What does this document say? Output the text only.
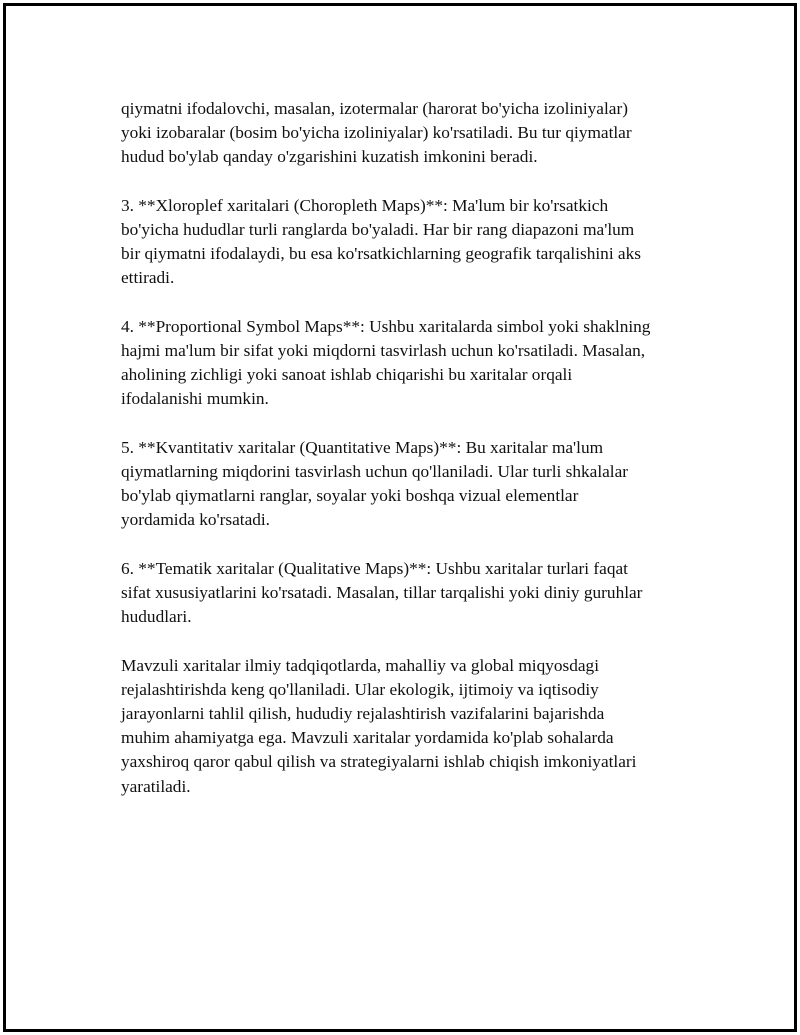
qiymatni ifodalovchi, masalan, izotermalar (harorat bo'yicha izoliniyalar)
yoki izobaralar (bosim bo'yicha izoliniyalar) ko'rsatiladi. Bu tur qiymatlar
hudud bo'ylab qanday o'zgarishini kuzatish imkonini beradi.

3. **Xloroplef xaritalari (Choropleth Maps)**: Ma'lum bir ko'rsatkich
bo'yicha hududlar turli ranglarda bo'yaladi. Har bir rang diapazoni ma'lum
bir qiymatni ifodalaydi, bu esa ko'rsatkichlarning geografik tarqalishini aks
ettiradi.

4. **Proportional Symbol Maps**: Ushbu xaritalarda simbol yoki shaklning
hajmi ma'lum bir sifat yoki miqdorni tasvirlash uchun ko'rsatiladi. Masalan,
aholining zichligi yoki sanoat ishlab chiqarishi bu xaritalar orqali
ifodalanishi mumkin.

5. **Kvantitativ xaritalar (Quantitative Maps)**: Bu xaritalar ma'lum
qiymatlarning miqdorini tasvirlash uchun qo'llaniladi. Ular turli shkalalar
bo'ylab qiymatlarni ranglar, soyalar yoki boshqa vizual elementlar
yordamida ko'rsatadi.

6. **Tematik xaritalar (Qualitative Maps)**: Ushbu xaritalar turlari faqat
sifat xususiyatlarini ko'rsatadi. Masalan, tillar tarqalishi yoki diniy guruhlar
hududlari.

Mavzuli xaritalar ilmiy tadqiqotlarda, mahalliy va global miqyosdagi
rejalashtirishda keng qo'llaniladi. Ular ekologik, ijtimoiy va iqtisodiy
jarayonlarni tahlil qilish, hududiy rejalashtirish vazifalarini bajarishda
muhim ahamiyatga ega. Mavzuli xaritalar yordamida ko'plab sohalarda
yaxshiroq qaror qabul qilish va strategiyalarni ishlab chiqish imkoniyatlari
yaratiladi.
